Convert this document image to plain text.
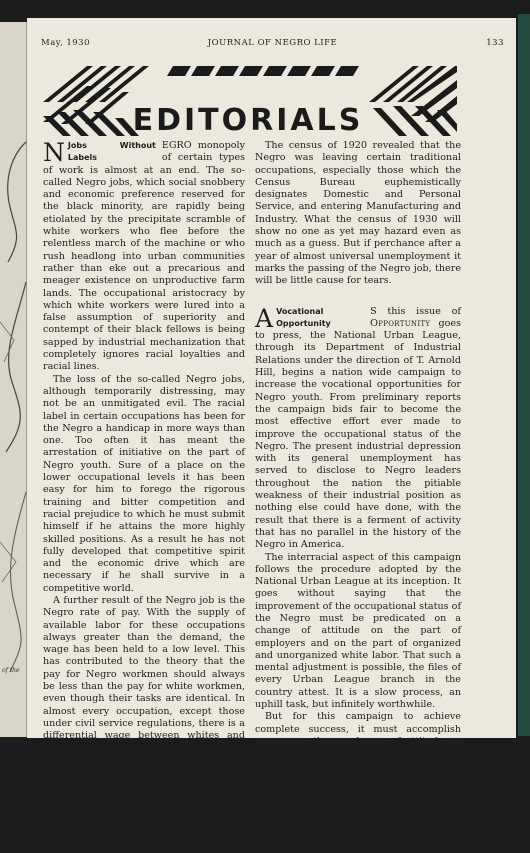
of the
May, 1930	JOURNAL OF NEGRO LIFE	133
EDITORIALS

N Jobs Without Labels
EGRO monopoly of certain types of work is almost at an end. The so-called Negro jobs, which social snobbery and economic preference reserved for the black minority, are rapidly being etiolated by the precipitate scramble of white workers who flee before the relentless march of the machine or who rush headlong into urban communities rather than eke out a precarious and meager existence on unproductive farm lands. The occupational aristocracy by which white workers were lured into a false assumption of superiority and contempt of their black fellows is being sapped by industrial mechanization that completely ignores racial loyalties and racial lines.

The loss of the so-called Negro jobs, although temporarily distressing, may not be an unmitigated evil. The racial label in certain occupations has been for the Negro a handicap in more ways than one. Too often it has meant the arrestation of initiative on the part of Negro youth. Sure of a place on the lower occupational levels it has been easy for him to forego the rigorous training and bitter competition and racial prejudice to which he must submit himself if he attains the more highly skilled positions. As a result he has not fully developed that competitive spirit and the economic drive which are necessary if he shall survive in a competitive world.

A further result of the Negro job is the Negro rate of pay. With the supply of available labor for these occupations always greater than the demand, the wage has been held to a low level. This has contributed to the theory that the pay for Negro workmen should always be less than the pay for white workmen, even though their tasks are identical. In almost every occupation, except those under civil service regulations, there is a differential wage between whites and blacks based on color and race. Lately there has been an attempt to explain this difference in wage by attributing it to a difference in the cost of living of the two races. But an analysis of living costs does not indicate any racial preferences. Nor does a catalogue of wants disclose a great disparity between the Negro's and those of his white fellow citizens.

The census of 1920 revealed that the Negro was leaving certain traditional occupations, especially those which the Census Bureau euphemistically designates Domestic and Personal Service, and entering Manufacturing and Industry. What the census of 1930 will show no one as yet may hazard even as much as a guess. But if perchance after a year of almost universal unemployment it marks the passing of the Negro job, there will be little cause for tears.

A Vocational Opportunity
S this issue of Opportunity goes to press, the National Urban League, through its Department of Industrial Relations under the direction of T. Arnold Hill, begins a nation wide campaign to increase the vocational opportunities for Negro youth. From preliminary reports the campaign bids fair to become the most effective effort ever made to improve the occupational status of the Negro. The present industrial depression with its general unemployment has served to disclose to Negro leaders throughout the nation the pitiable weakness of their industrial position as nothing else could have done, with the result that there is a ferment of activity that has no parallel in the history of the Negro in America.

The interracial aspect of this campaign follows the procedure adopted by the National Urban League at its inception. It goes without saying that the improvement of the occupational status of the Negro must be predicated on a change of attitude on the part of employers and on the part of organized and unorganized white labor. That such a mental adjustment is possible, the files of every Urban League branch in the country attest. It is a slow process, an uphill task, but infinitely worthwhile.

But for this campaign to achieve complete success, it must accomplish even more than a change of attitude on the part of white employers and employees. It must break the
